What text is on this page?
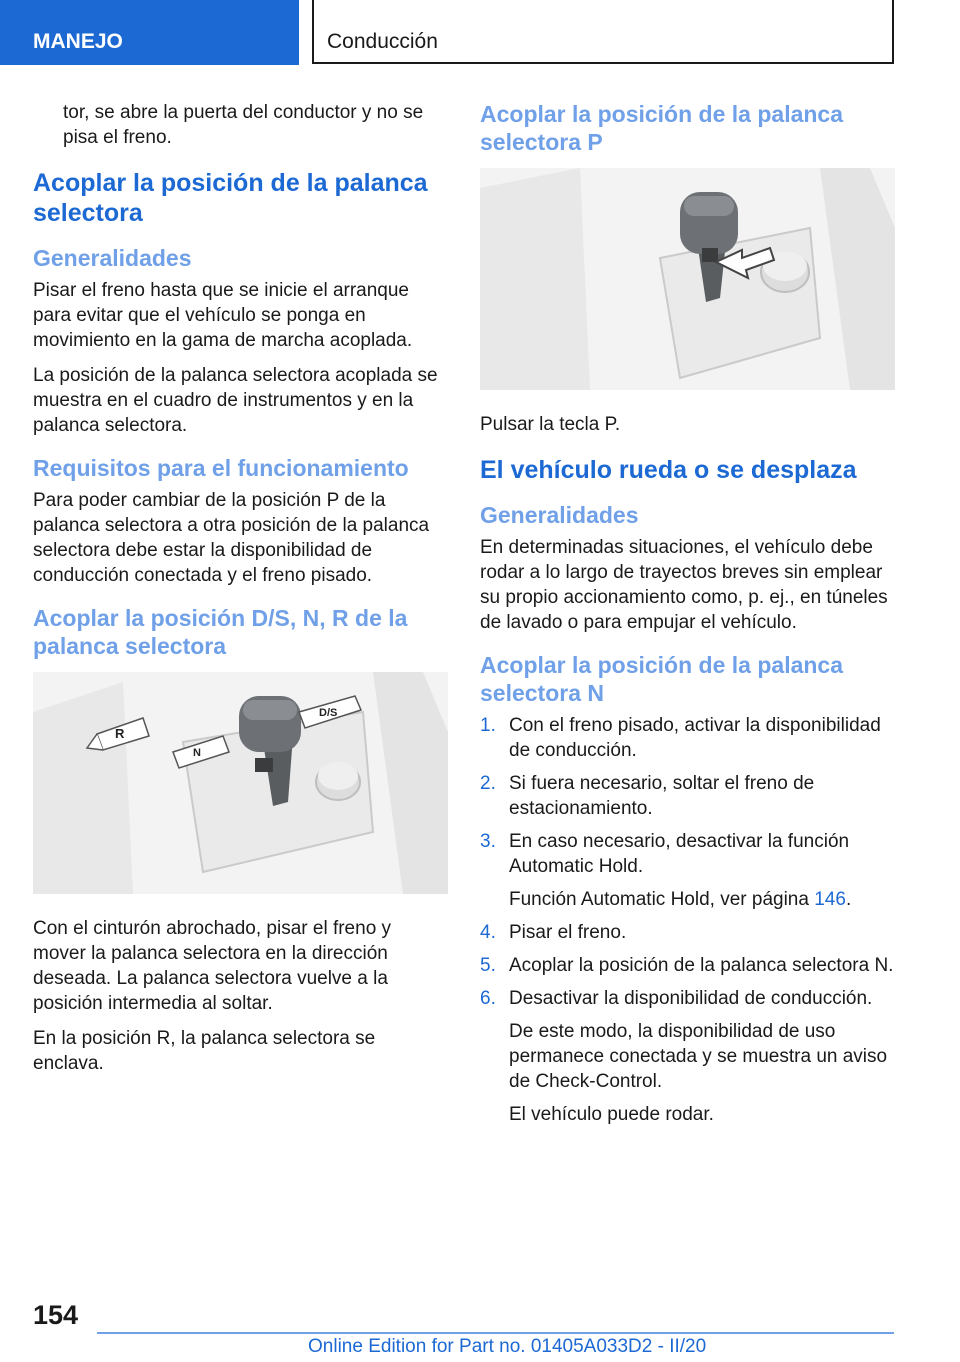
MANEJO	Conducción

tor, se abre la puerta del conductor y no se pisa el freno.

Acoplar la posición de la palanca selectora
Generalidades

Pisar el freno hasta que se inicie el arranque para evitar que el vehículo se ponga en movimiento en la gama de marcha acoplada.

La posición de la palanca selectora acoplada se muestra en el cuadro de instrumentos y en la palanca selectora.

Requisitos para el funcionamiento

Para poder cambiar de la posición P de la palanca selectora a otra posición de la palanca selectora debe estar la disponibilidad de conducción conectada y el freno pisado.

Acoplar la posición D/S, N, R de la palanca selectora
R
N
D/S

Con el cinturón abrochado, pisar el freno y mover la palanca selectora en la dirección deseada. La palanca selectora vuelve a la posición intermedia al soltar.

En la posición R, la palanca selectora se enclava.

Acoplar la posición de la palanca selectora P

Pulsar la tecla P.

El vehículo rueda o se desplaza
Generalidades

En determinadas situaciones, el vehículo debe rodar a lo largo de trayectos breves sin emplear su propio accionamiento como, p. ej., en túneles de lavado o para empujar el vehículo.

Acoplar la posición de la palanca selectora N
1. Con el freno pisado, activar la disponibilidad de conducción.
2. Si fuera necesario, soltar el freno de estacionamiento.
3. En caso necesario, desactivar la función Automatic Hold.
Función Automatic Hold, ver página 146.
4. Pisar el freno.
5. Acoplar la posición de la palanca selectora N.
6. Desactivar la disponibilidad de conducción.
De este modo, la disponibilidad de uso permanece conectada y se muestra un aviso de Check-Control.
El vehículo puede rodar.
154
Online Edition for Part no. 01405A033D2 - II/20
